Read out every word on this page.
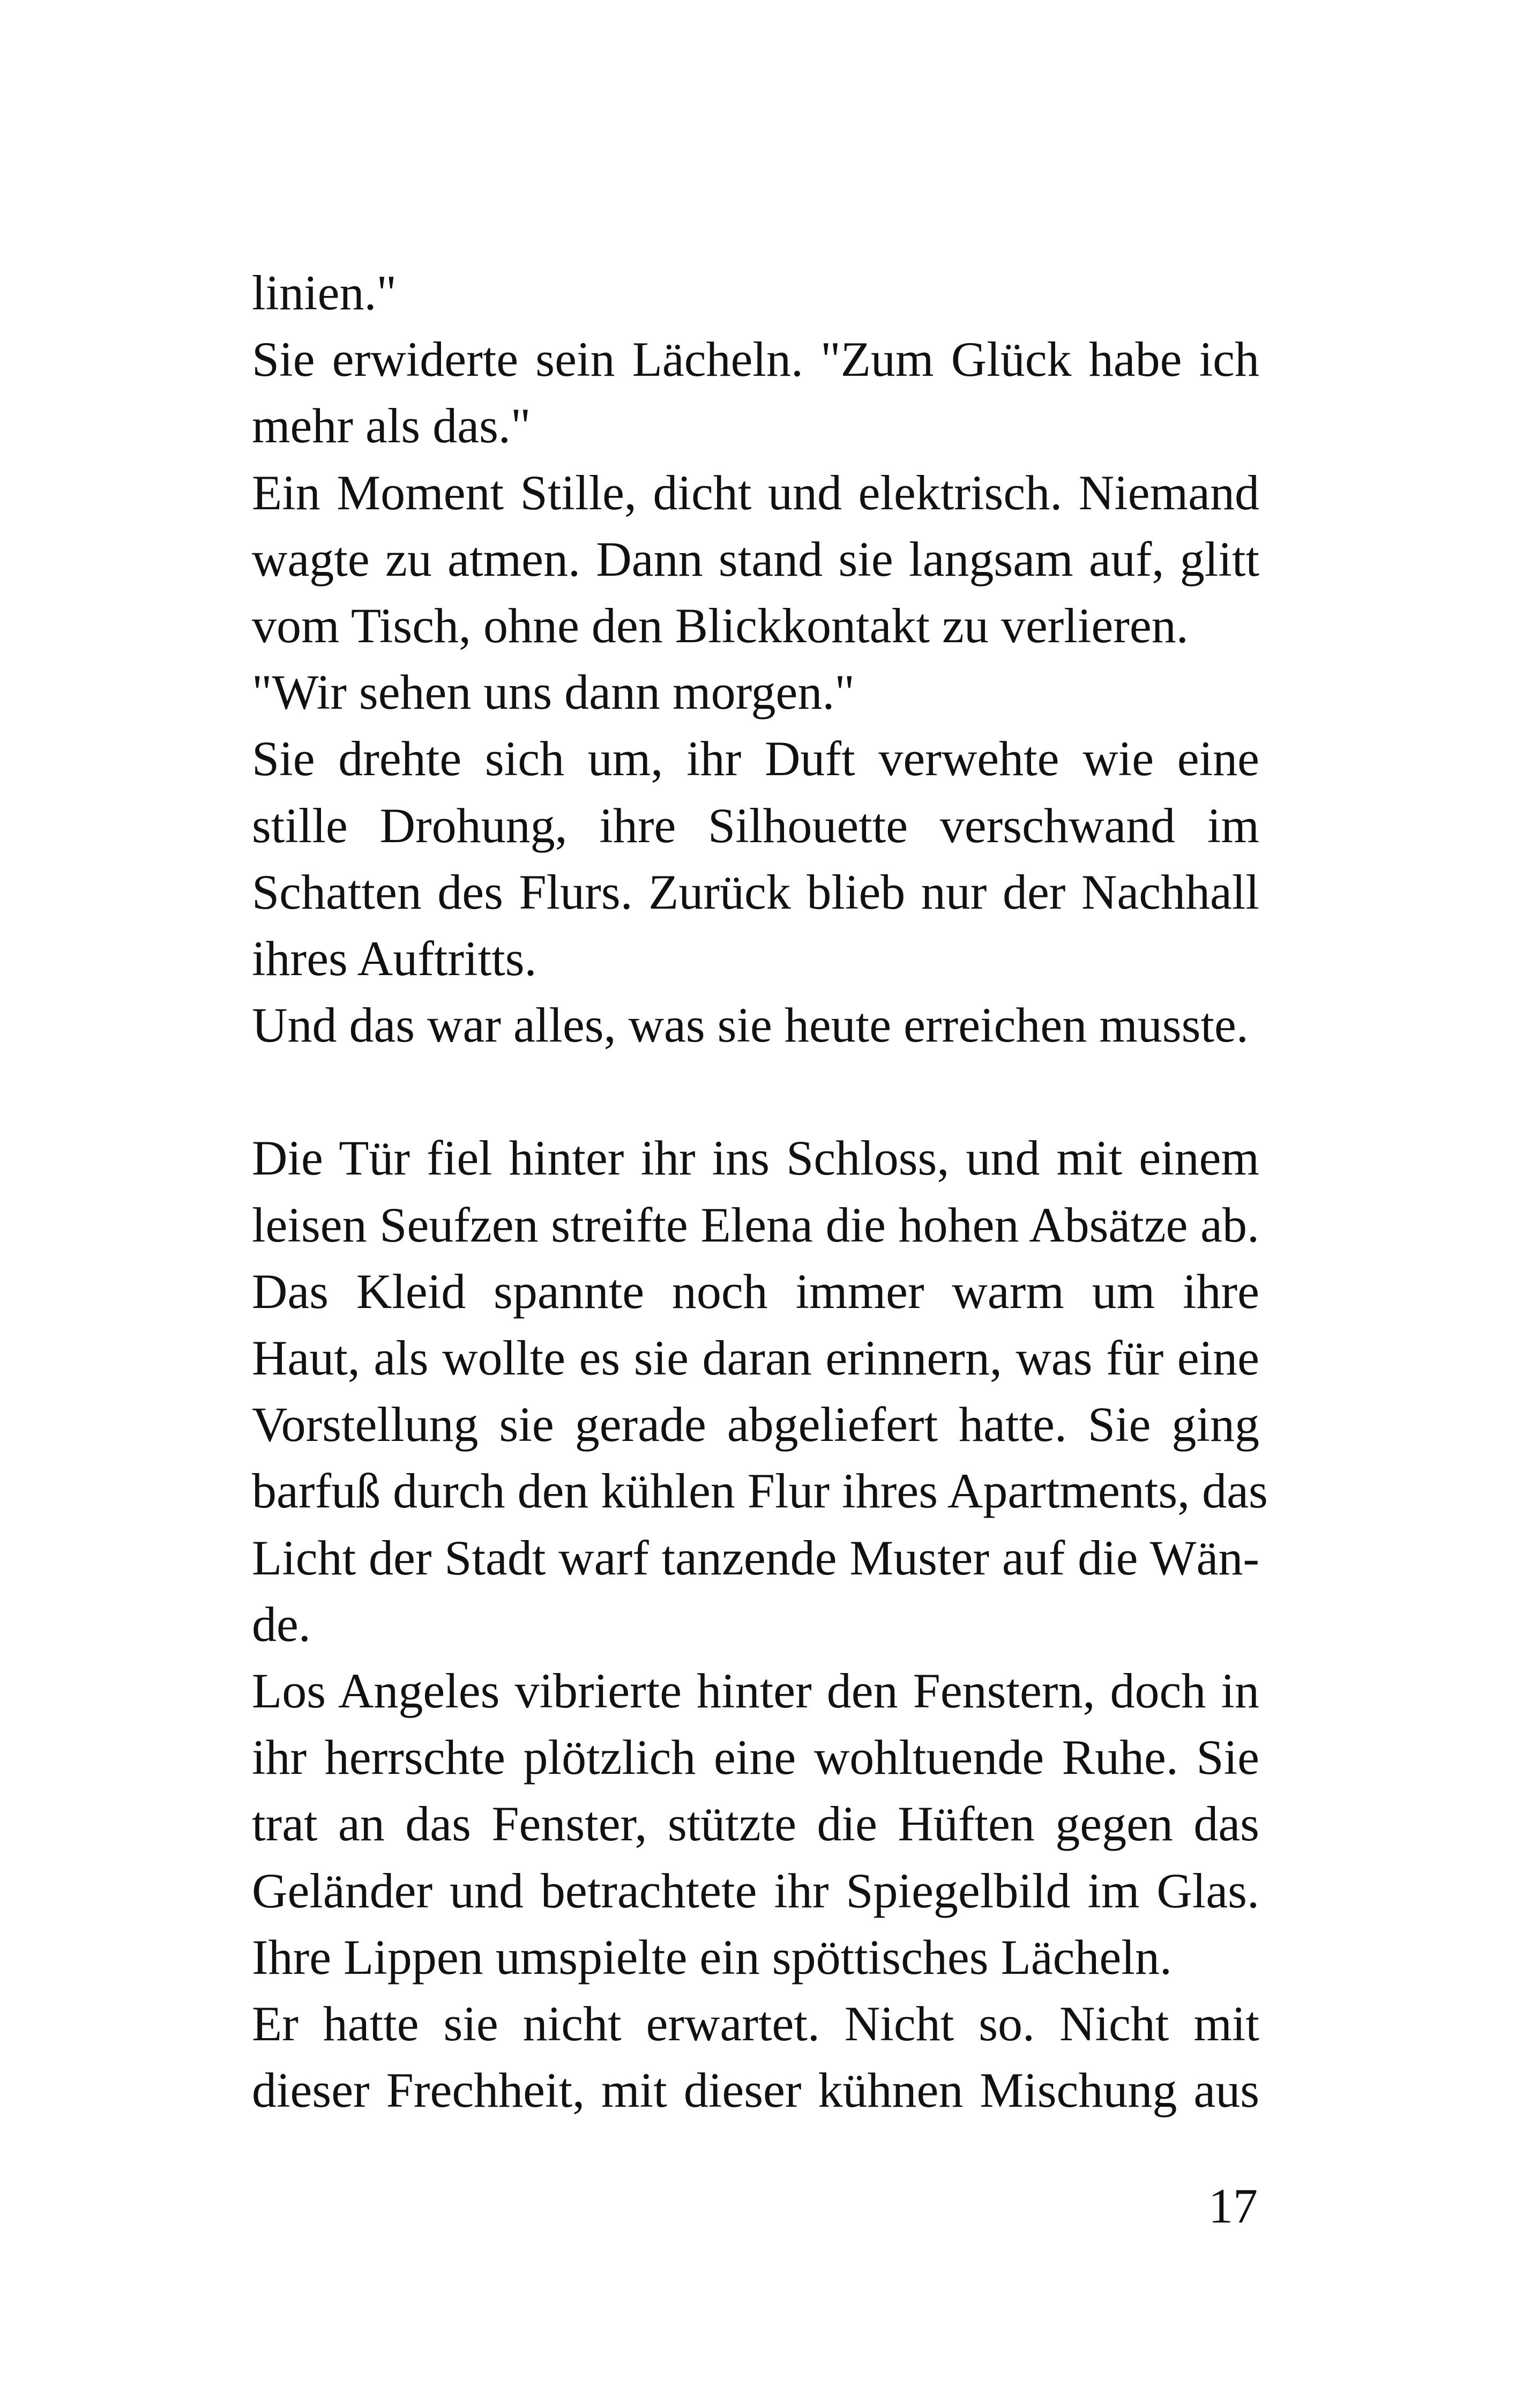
linien."
Sie erwiderte sein Lächeln. "Zum Glück habe ich
mehr als das."
Ein Moment Stille, dicht und elektrisch. Niemand
wagte zu atmen. Dann stand sie langsam auf, glitt
vom Tisch, ohne den Blickkontakt zu verlieren.
"Wir sehen uns dann morgen."
Sie drehte sich um, ihr Duft verwehte wie eine
stille Drohung, ihre Silhouette verschwand im
Schatten des Flurs. Zurück blieb nur der Nachhall
ihres Auftritts.
Und das war alles, was sie heute erreichen musste.
Die Tür fiel hinter ihr ins Schloss, und mit einem
leisen Seufzen streifte Elena die hohen Absätze ab.
Das Kleid spannte noch immer warm um ihre
Haut, als wollte es sie daran erinnern, was für eine
Vorstellung sie gerade abgeliefert hatte. Sie ging
barfuß durch den kühlen Flur ihres Apartments, das
Licht der Stadt warf tanzende Muster auf die Wän-
de.
Los Angeles vibrierte hinter den Fenstern, doch in
ihr herrschte plötzlich eine wohltuende Ruhe. Sie
trat an das Fenster, stützte die Hüften gegen das
Geländer und betrachtete ihr Spiegelbild im Glas.
Ihre Lippen umspielte ein spöttisches Lächeln.
Er hatte sie nicht erwartet. Nicht so. Nicht mit
dieser Frechheit, mit dieser kühnen Mischung aus
17
